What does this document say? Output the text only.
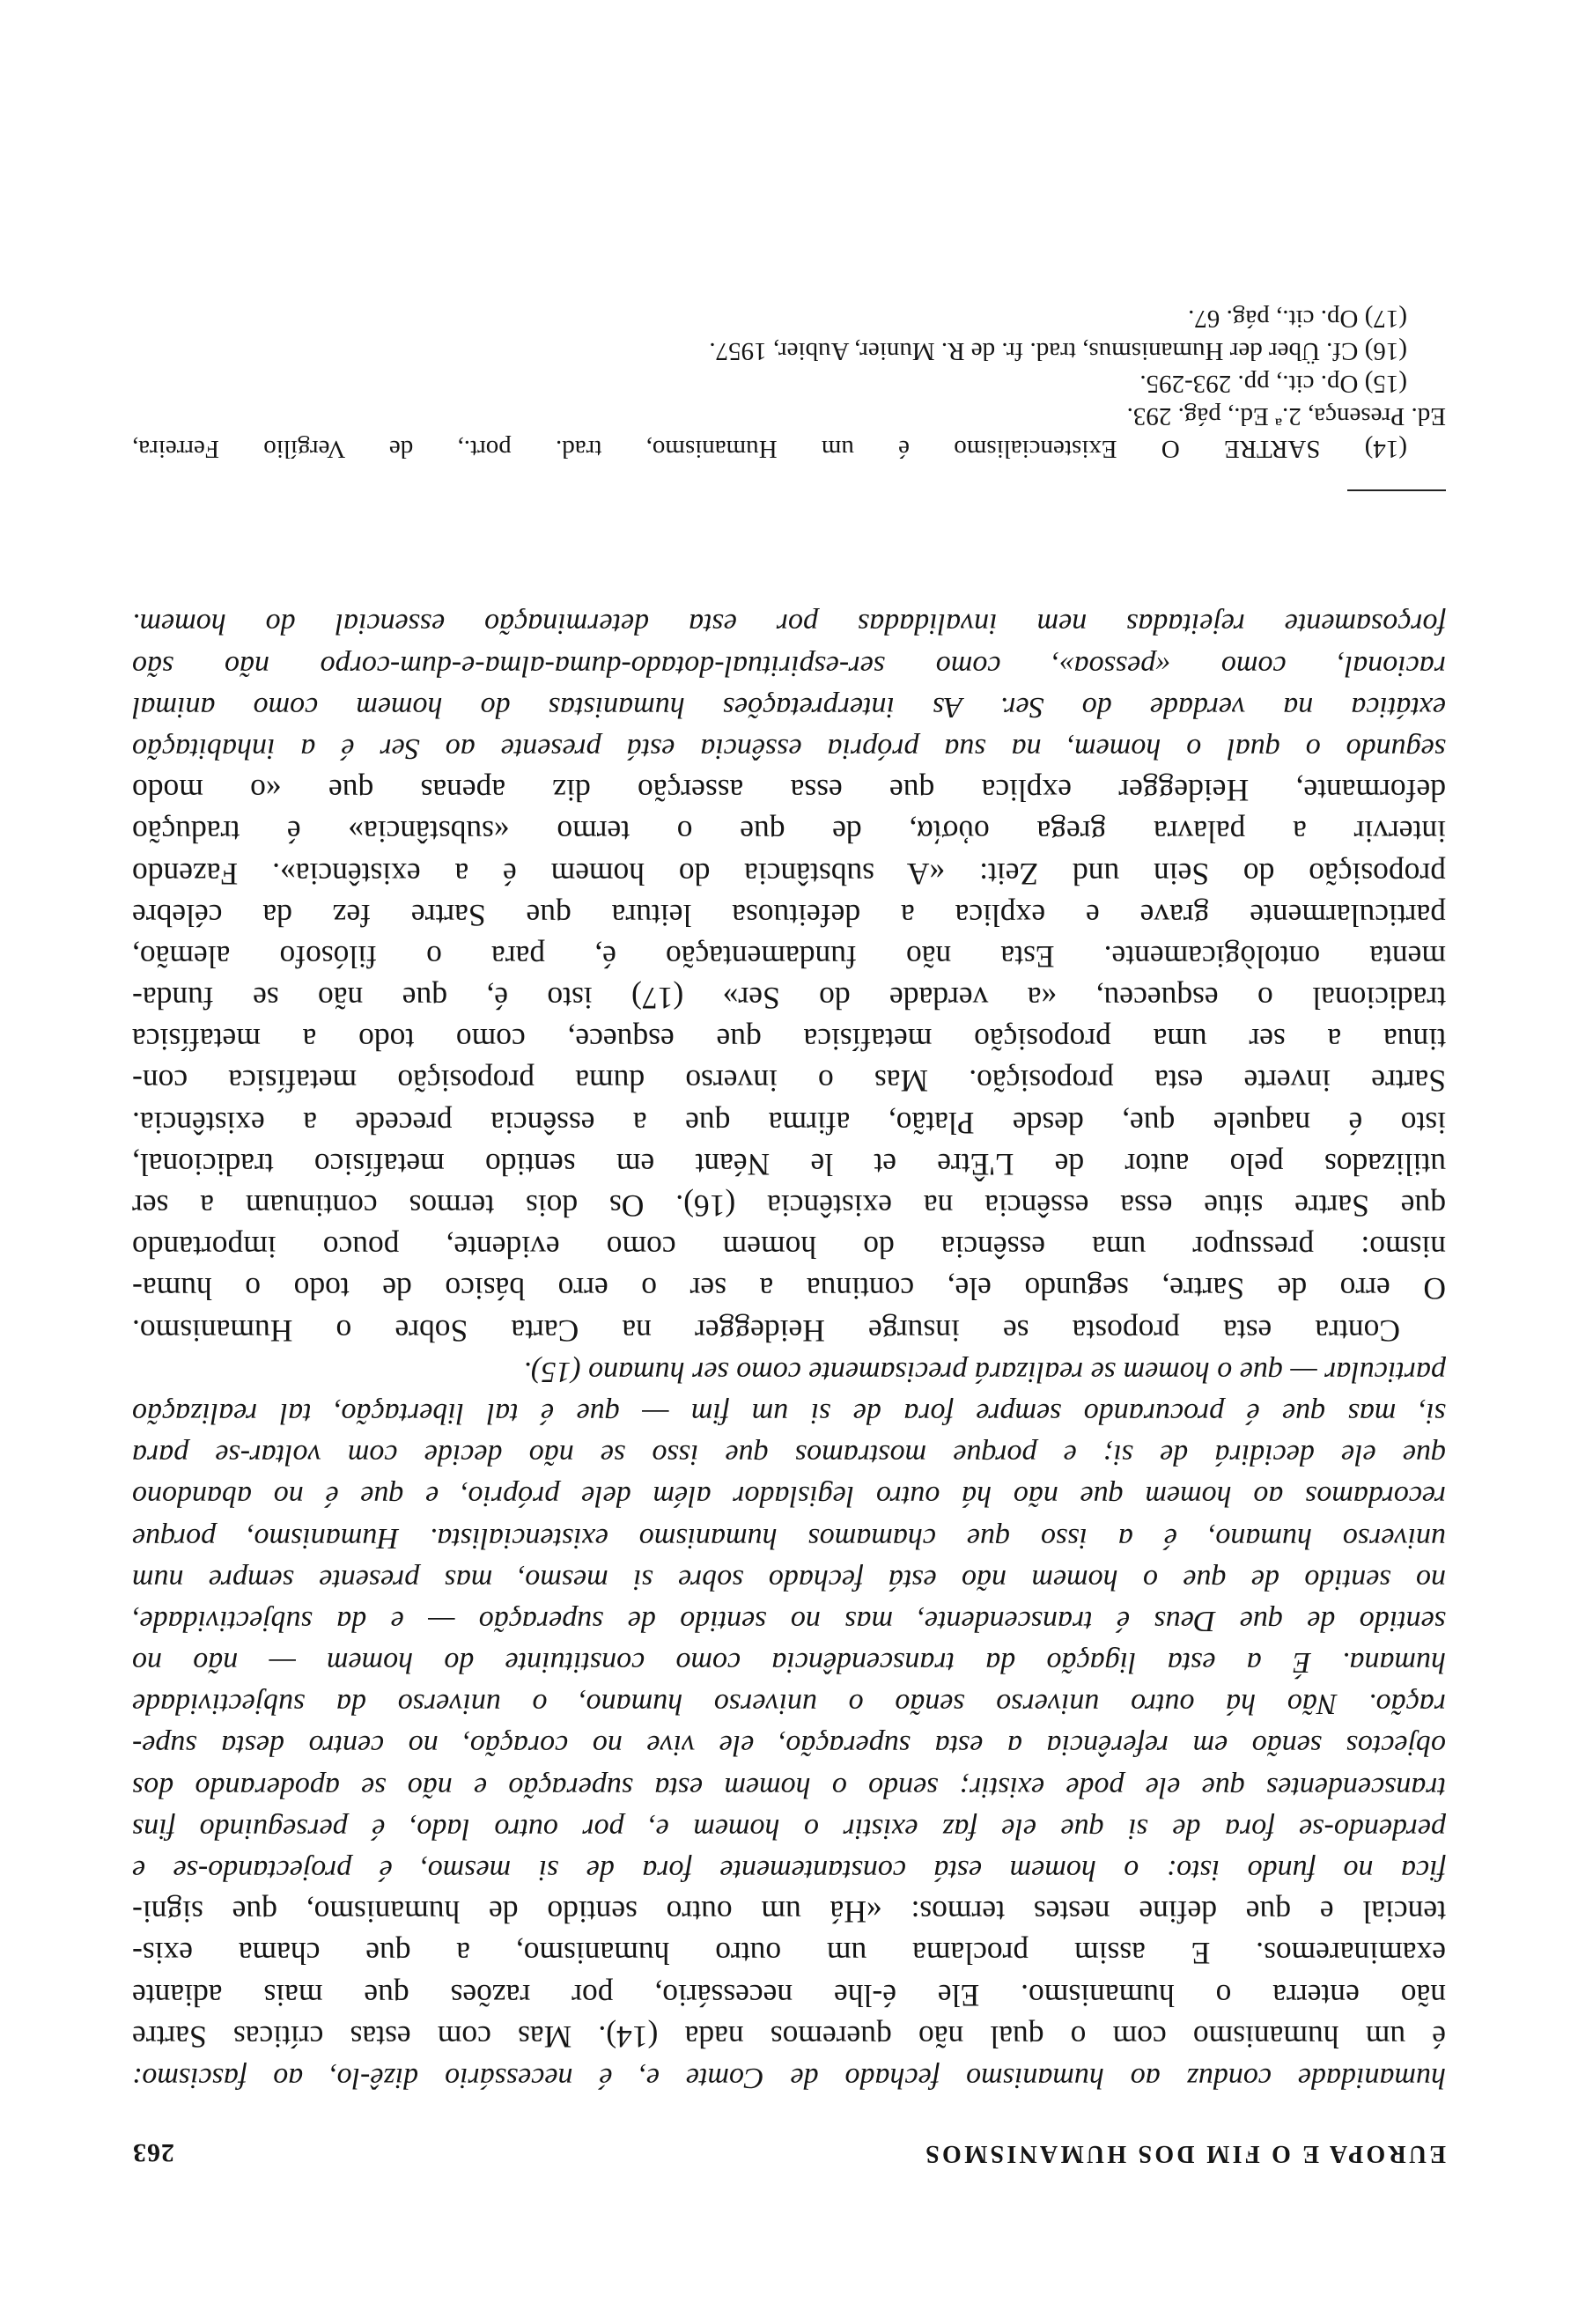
EUROPA E O FIM DOS HUMANISMOS
263
humanidade conduz ao humanismo fechado de Comte e, é necessário dizê-lo, ao fascismo:
é um humanismo com o qual não queremos nada (14). Mas com estas críticas Sartre
não enterra o humanismo. Ele é-lhe necessário, por razões que mais adiante
examinaremos. E assim proclama um outro humanismo, a que chama exis-
tencial e que define nestes termos: «Há um outro sentido de humanismo, que signi-
fica no fundo isto: o homem está constantemente fora de si mesmo, é projectando-se e
perdendo-se fora de si que ele faz existir o homem e, por outro lado, é perseguindo fins
transcendentes que ele pode existir; sendo o homem esta superação e não se apoderando dos
objectos senão em referência a esta superação, ele vive no coração, no centro desta supe-
ração. Não há outro universo senão o universo humano, o universo da subjectividade
humana. É a esta ligação da transcendência como constituinte do homem — não no
sentido de que Deus é transcendente, mas no sentido de superação — e da subjectividade,
no sentido de que o homem não está fechado sobre si mesmo, mas presente sempre num
universo humano, é a isso que chamamos humanismo existencialista. Humanismo, porque
recordamos ao homem que não há outro legislador além dele próprio, e que é no abandono
que ele decidirá de si; e porque mostramos que isso se não decide com voltar-se para
si, mas que é procurando sempre fora de si um fim — que é tal libertação, tal realização
particular — que o homem se realizará precisamente como ser humano (15).
Contra esta proposta se insurge Heidegger na Carta Sobre o Humanismo.
O erro de Sartre, segundo ele, continua a ser o erro básico de todo o huma-
nismo: pressupor uma essência do homem como evidente, pouco importando
que Sartre situe essa essência na existência (16). Os dois termos continuam a ser
utilizados pelo autor de L'Être et le Néant em sentido metafísico tradicional,
isto é naquele que, desde Platão, afirma que a essência precede a existência.
Sartre inverte esta proposição. Mas o inverso duma proposição metafísica con-
tinua a ser uma proposição metafísica que esquece, como todo a metafísica
tradicional o esqueceu, «a verdade do Ser» (17) isto é, que não se funda-
menta ontològicamente. Esta não fundamentação é, para o filósofo alemão,
particularmente grave e explica a defeituosa leitura que Sartre fez da célebre
proposição do Sein und Zeit: «A substância do homem é a existência». Fazendo
intervir a palavra grega οὐσία, de que o termo «substância» é tradução
deformante, Heidegger explica que essa asserção diz apenas que «o modo
segundo o qual o homem, na sua própria essência está presente ao Ser é a inhabitação
extática na verdade do Ser. As interpretações humanistas do homem como animal
racional, como «pessoa», como ser-espiritual-dotado-duma-alma-e-dum-corpo não são
forçosamente rejeitadas nem invalidadas por esta determinação essencial do homem.
(14) SARTRE O Existencialismo é um Humanismo, trad. port., de Vergílio Ferreira,
Ed. Presença, 2.ª Ed., pág. 293.
(15) Op. cit., pp. 293-295.
(16) Cf. Über der Humanismus, trad. fr. de R. Munier, Aubier, 1957.
(17) Op. cit., pág. 67.
